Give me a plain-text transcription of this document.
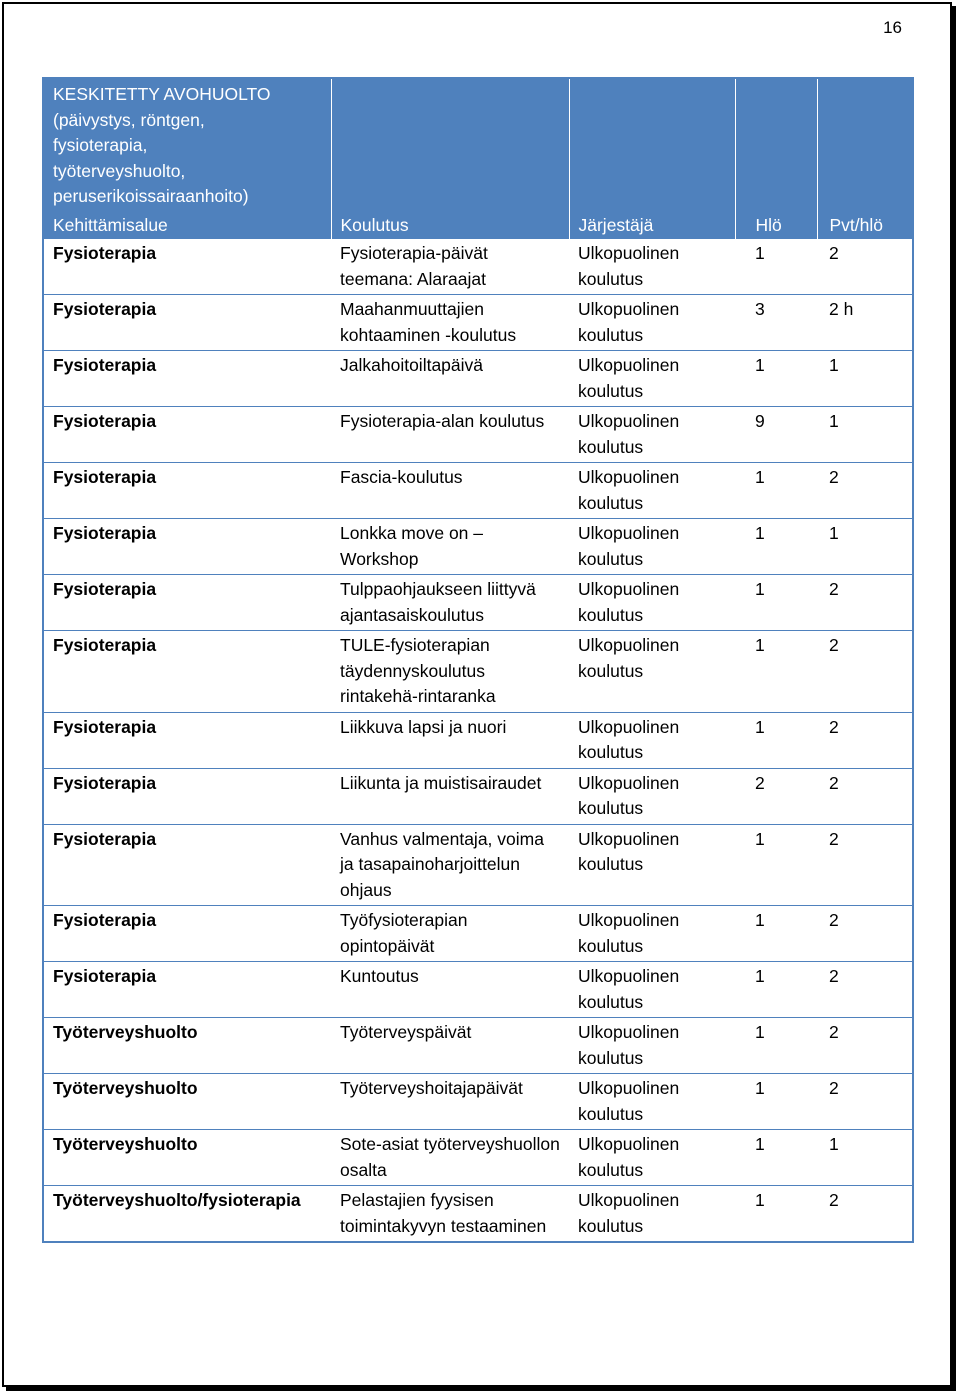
16
KESKITETTY AVOHUOLTO
(päivystys, röntgen,
fysioterapia,
työterveyshuolto,
peruserikoissairaanhoito)				

Kehittämisalue	Koulutus	Järjestäjä	Hlö	Pvt/hlö
Fysioterapia	Fysioterapia-päivät teemana: Alaraajat	Ulkopuolinen koulutus	1	2
Fysioterapia	Maahanmuuttajien kohtaaminen -koulutus	Ulkopuolinen koulutus	3	2 h
Fysioterapia	Jalkahoitoiltapäivä	Ulkopuolinen koulutus	1	1
Fysioterapia	Fysioterapia-alan koulutus	Ulkopuolinen koulutus	9	1
Fysioterapia	Fascia-koulutus	Ulkopuolinen koulutus	1	2
Fysioterapia	Lonkka move on – Workshop	Ulkopuolinen koulutus	1	1
Fysioterapia	Tulppaohjaukseen liittyvä ajantasaiskoulutus	Ulkopuolinen koulutus	1	2
Fysioterapia	TULE-fysioterapian täydennyskoulutus rintakehä-rintaranka	Ulkopuolinen koulutus	1	2
Fysioterapia	Liikkuva lapsi ja nuori	Ulkopuolinen koulutus	1	2
Fysioterapia	Liikunta ja muistisairaudet	Ulkopuolinen koulutus	2	2
Fysioterapia	Vanhus valmentaja, voima ja tasapainoharjoittelun ohjaus	Ulkopuolinen koulutus	1	2
Fysioterapia	Työfysioterapian opintopäivät	Ulkopuolinen koulutus	1	2
Fysioterapia	Kuntoutus	Ulkopuolinen koulutus	1	2
Työterveyshuolto	Työterveyspäivät	Ulkopuolinen koulutus	1	2
Työterveyshuolto	Työterveyshoitajapäivät	Ulkopuolinen koulutus	1	2
Työterveyshuolto	Sote-asiat työterveyshuollon osalta	Ulkopuolinen koulutus	1	1
Työterveyshuolto/fysioterapia	Pelastajien fyysisen toimintakyvyn testaaminen	Ulkopuolinen koulutus	1	2
